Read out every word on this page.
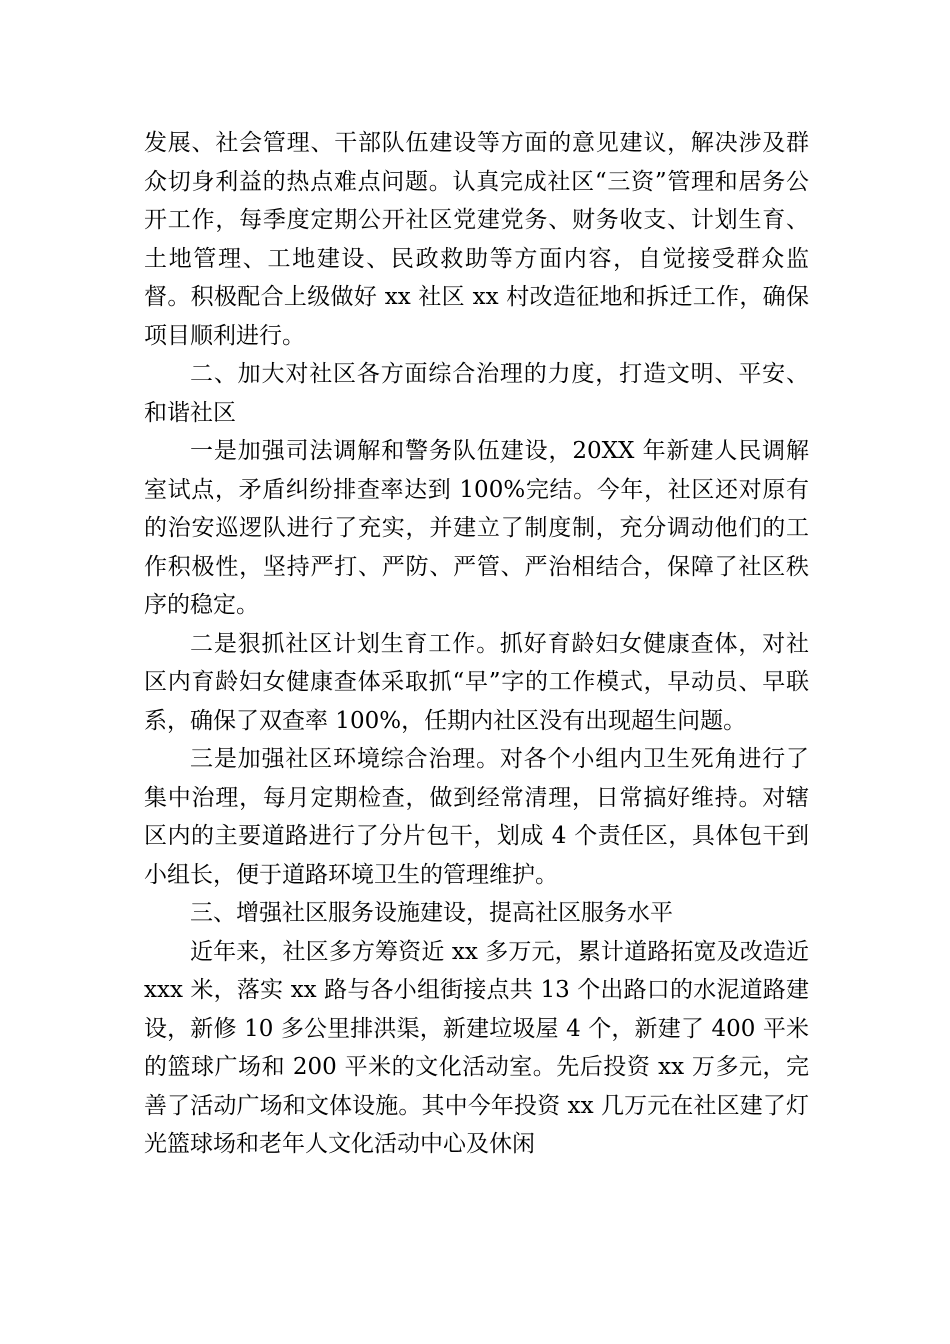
发展、社会管理、干部队伍建设等方面的意见建议，解决涉及群众切身利益的热点难点问题。认真完成社区“三资”管理和居务公开工作，每季度定期公开社区党建党务、财务收支、计划生育、土地管理、工地建设、民政救助等方面内容，自觉接受群众监督。积极配合上级做好 xx 社区 xx 村改造征地和拆迁工作，确保项目顺利进行。

二、加大对社区各方面综合治理的力度，打造文明、平安、和谐社区

一是加强司法调解和警务队伍建设，20XX 年新建人民调解室试点，矛盾纠纷排查率达到 100%完结。今年，社区还对原有的治安巡逻队进行了充实，并建立了制度制，充分调动他们的工作积极性，坚持严打、严防、严管、严治相结合，保障了社区秩序的稳定。

二是狠抓社区计划生育工作。抓好育龄妇女健康查体，对社区内育龄妇女健康查体采取抓“早”字的工作模式，早动员、早联系，确保了双查率 100%，任期内社区没有出现超生问题。

三是加强社区环境综合治理。对各个小组内卫生死角进行了集中治理，每月定期检查，做到经常清理，日常搞好维持。对辖区内的主要道路进行了分片包干，划成 4 个责任区，具体包干到小组长，便于道路环境卫生的管理维护。

三、增强社区服务设施建设，提高社区服务水平

近年来，社区多方筹资近 xx 多万元，累计道路拓宽及改造近 xxx 米，落实 xx 路与各小组街接点共 13 个出路口的水泥道路建设，新修 10 多公里排洪渠，新建垃圾屋 4 个，新建了 400 平米的篮球广场和 200 平米的文化活动室。先后投资 xx 万多元，完善了活动广场和文体设施。其中今年投资 xx 几万元在社区建了灯光篮球场和老年人文化活动中心及休闲
